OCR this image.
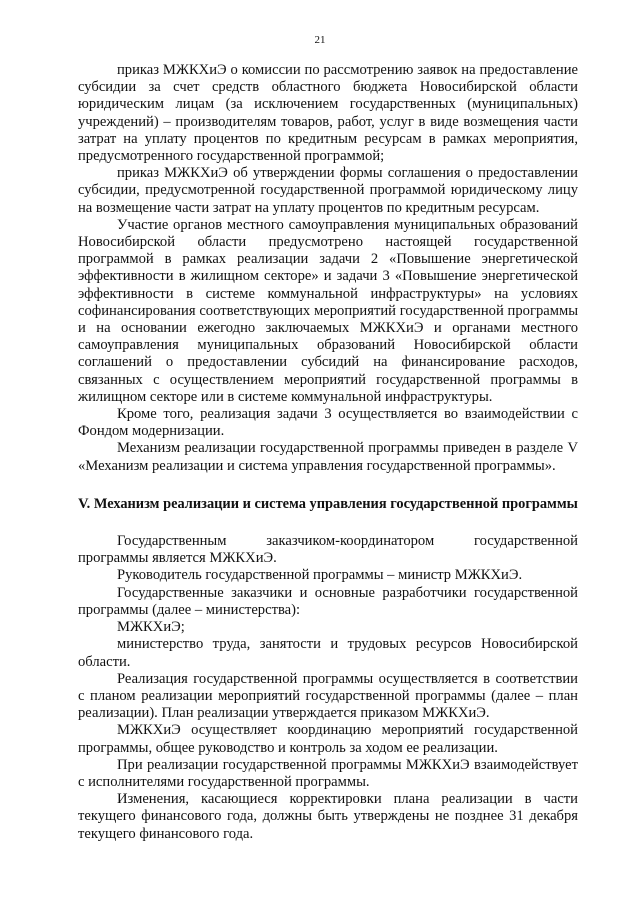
21

приказ МЖКХиЭ о комиссии по рассмотрению заявок на предоставление субсидии за счет средств областного бюджета Новосибирской области юридическим лицам (за исключением государственных (муниципальных) учреждений) – производителям товаров, работ, услуг в виде возмещения части затрат на уплату процентов по кредитным ресурсам в рамках мероприятия, предусмотренного государственной программой;

приказ МЖКХиЭ об утверждении формы соглашения о предоставлении субсидии, предусмотренной государственной программой юридическому лицу на возмещение части затрат на уплату процентов по кредитным ресурсам.

Участие органов местного самоуправления муниципальных образований Новосибирской области предусмотрено настоящей государственной программой в рамках реализации задачи 2 «Повышение энергетической эффективности в жилищном секторе» и задачи 3 «Повышение энергетической эффективности в системе коммунальной инфраструктуры» на условиях софинансирования соответствующих мероприятий государственной программы и на основании ежегодно заключаемых МЖКХиЭ и органами местного самоуправления муниципальных образований Новосибирской области соглашений о предоставлении субсидий на финансирование расходов, связанных с осуществлением мероприятий государственной программы в жилищном секторе или в системе коммунальной инфраструктуры.

Кроме того, реализация задачи 3 осуществляется во взаимодействии с Фондом модернизации.

Механизм реализации государственной программы приведен в разделе V «Механизм реализации и система управления государственной программы».

V. Механизм реализации и система управления государственной программы

Государственным заказчиком-координатором государственной программы является МЖКХиЭ.

Руководитель государственной программы – министр МЖКХиЭ.

Государственные заказчики и основные разработчики государственной программы (далее – министерства):

МЖКХиЭ;

министерство труда, занятости и трудовых ресурсов Новосибирской области.

Реализация государственной программы осуществляется в соответствии с планом реализации мероприятий государственной программы (далее – план реализации). План реализации утверждается приказом МЖКХиЭ.

МЖКХиЭ осуществляет координацию мероприятий государственной программы, общее руководство и контроль за ходом ее реализации.

При реализации государственной программы МЖКХиЭ взаимодействует с исполнителями государственной программы.

Изменения, касающиеся корректировки плана реализации в части текущего финансового года, должны быть утверждены не позднее 31 декабря текущего финансового года.
